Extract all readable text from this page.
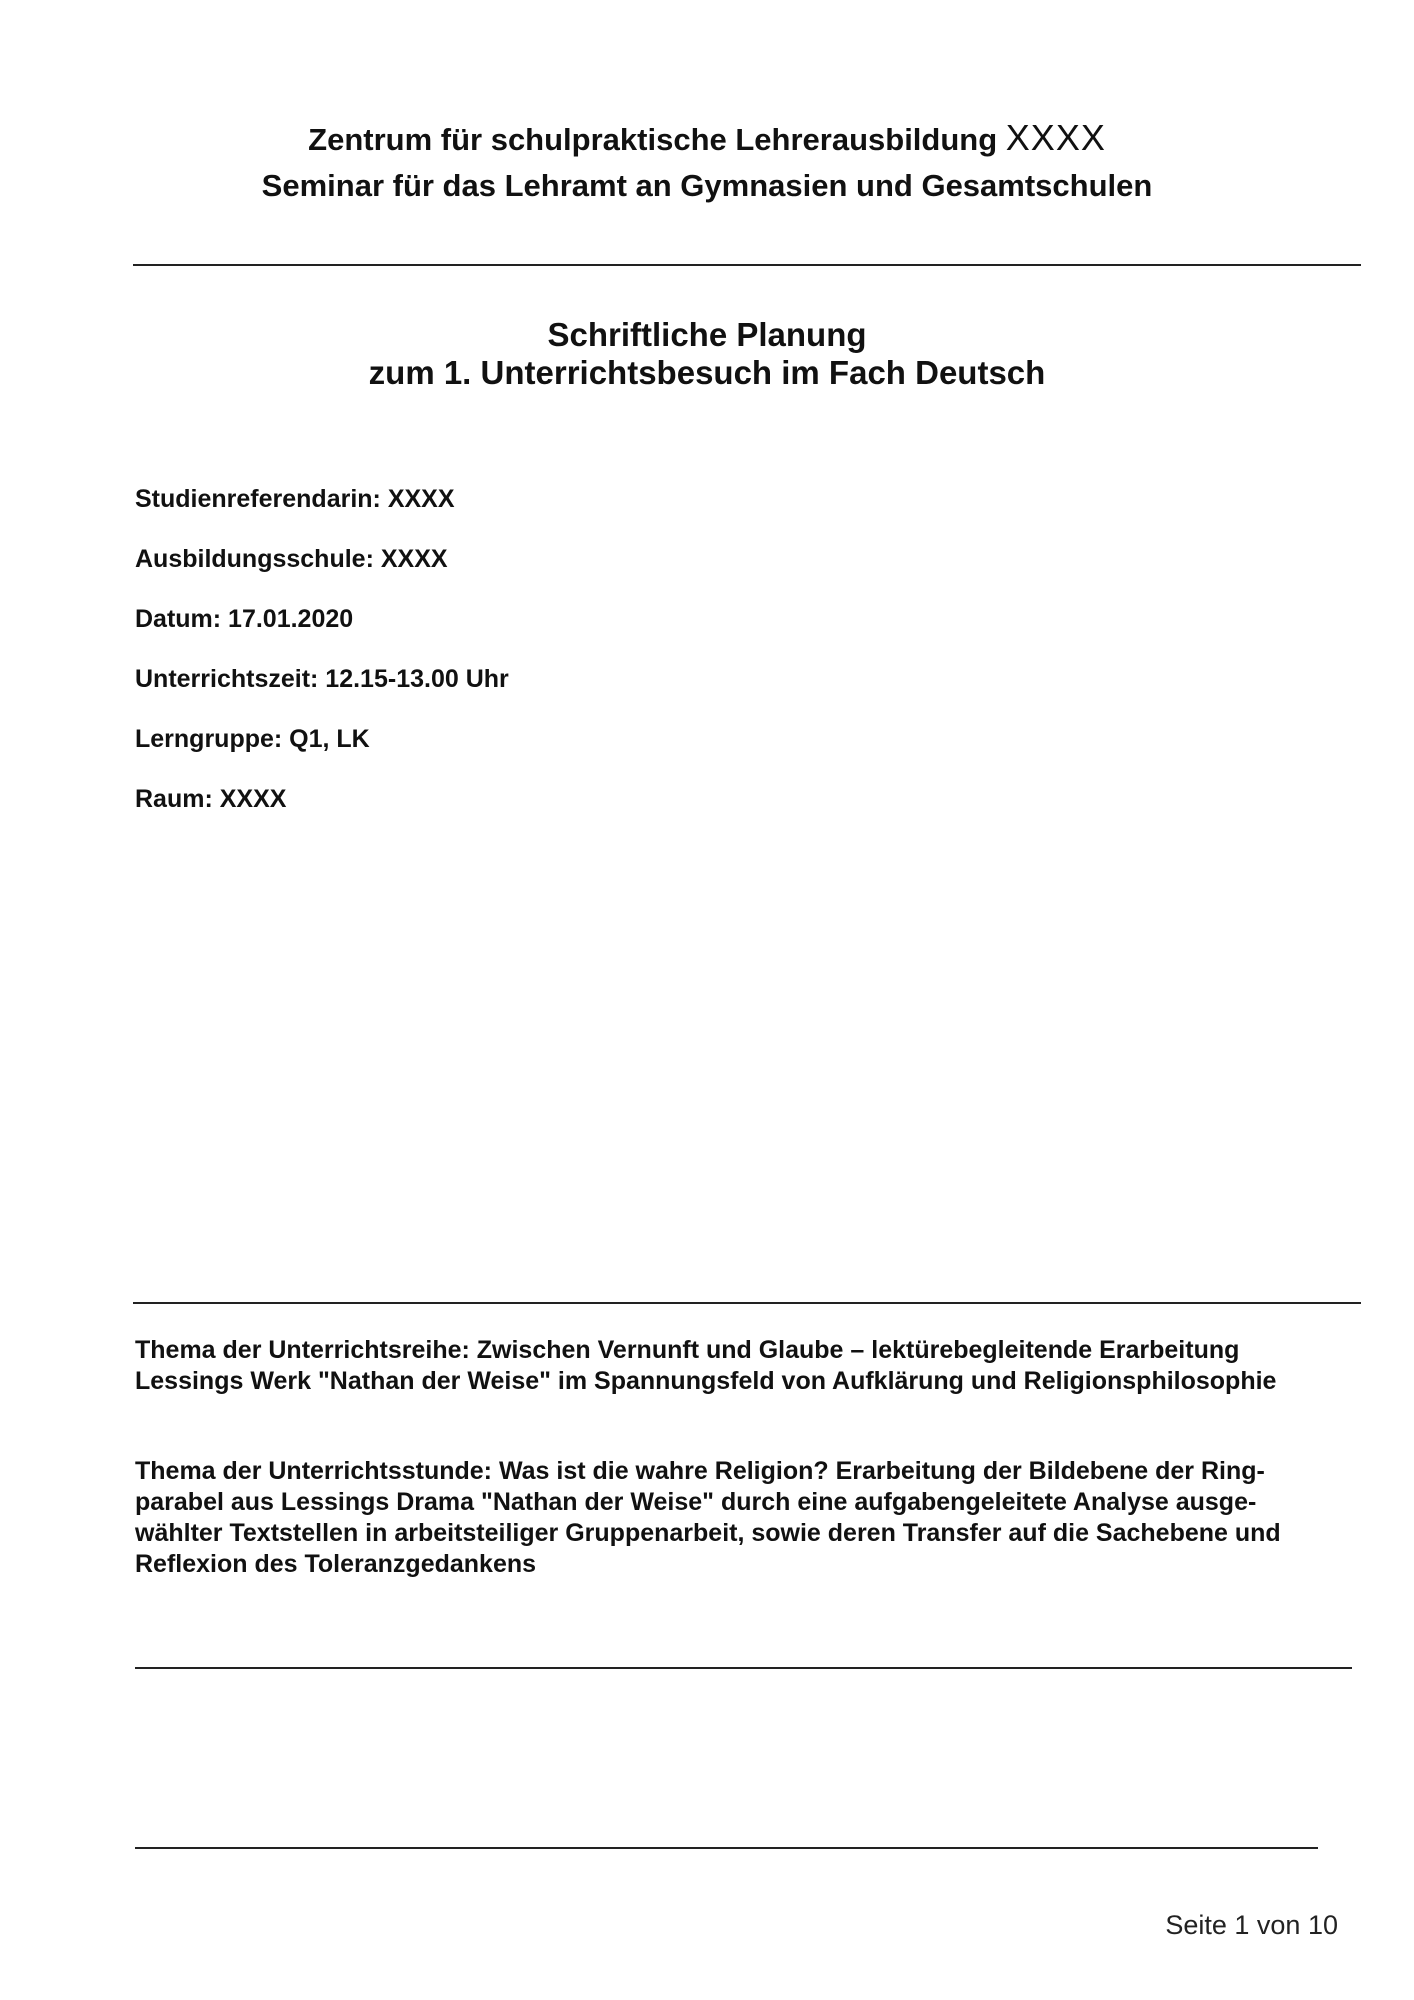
Zentrum für schulpraktische Lehrerausbildung XXXX
Seminar für das Lehramt an Gymnasien und Gesamtschulen
Schriftliche Planung
zum 1. Unterrichtsbesuch im Fach Deutsch
Studienreferendarin: XXXX
Ausbildungsschule: XXXX
Datum: 17.01.2020
Unterrichtszeit: 12.15-13.00 Uhr
Lerngruppe: Q1, LK
Raum: XXXX

Thema der Unterrichtsreihe: Zwischen Vernunft und Glaube – lektürebegleitende Erarbeitung

Lessings Werk "Nathan der Weise" im Spannungsfeld von Aufklärung und Religionsphilosophie

Thema der Unterrichtsstunde: Was ist die wahre Religion? Erarbeitung der Bildebene der Ring-

parabel aus Lessings Drama "Nathan der Weise" durch eine aufgabengeleitete Analyse ausge-

wählter Textstellen in arbeitsteiliger Gruppenarbeit, sowie deren Transfer auf die Sachebene und

Reflexion des Toleranzgedankens

Seite 1 von 10
